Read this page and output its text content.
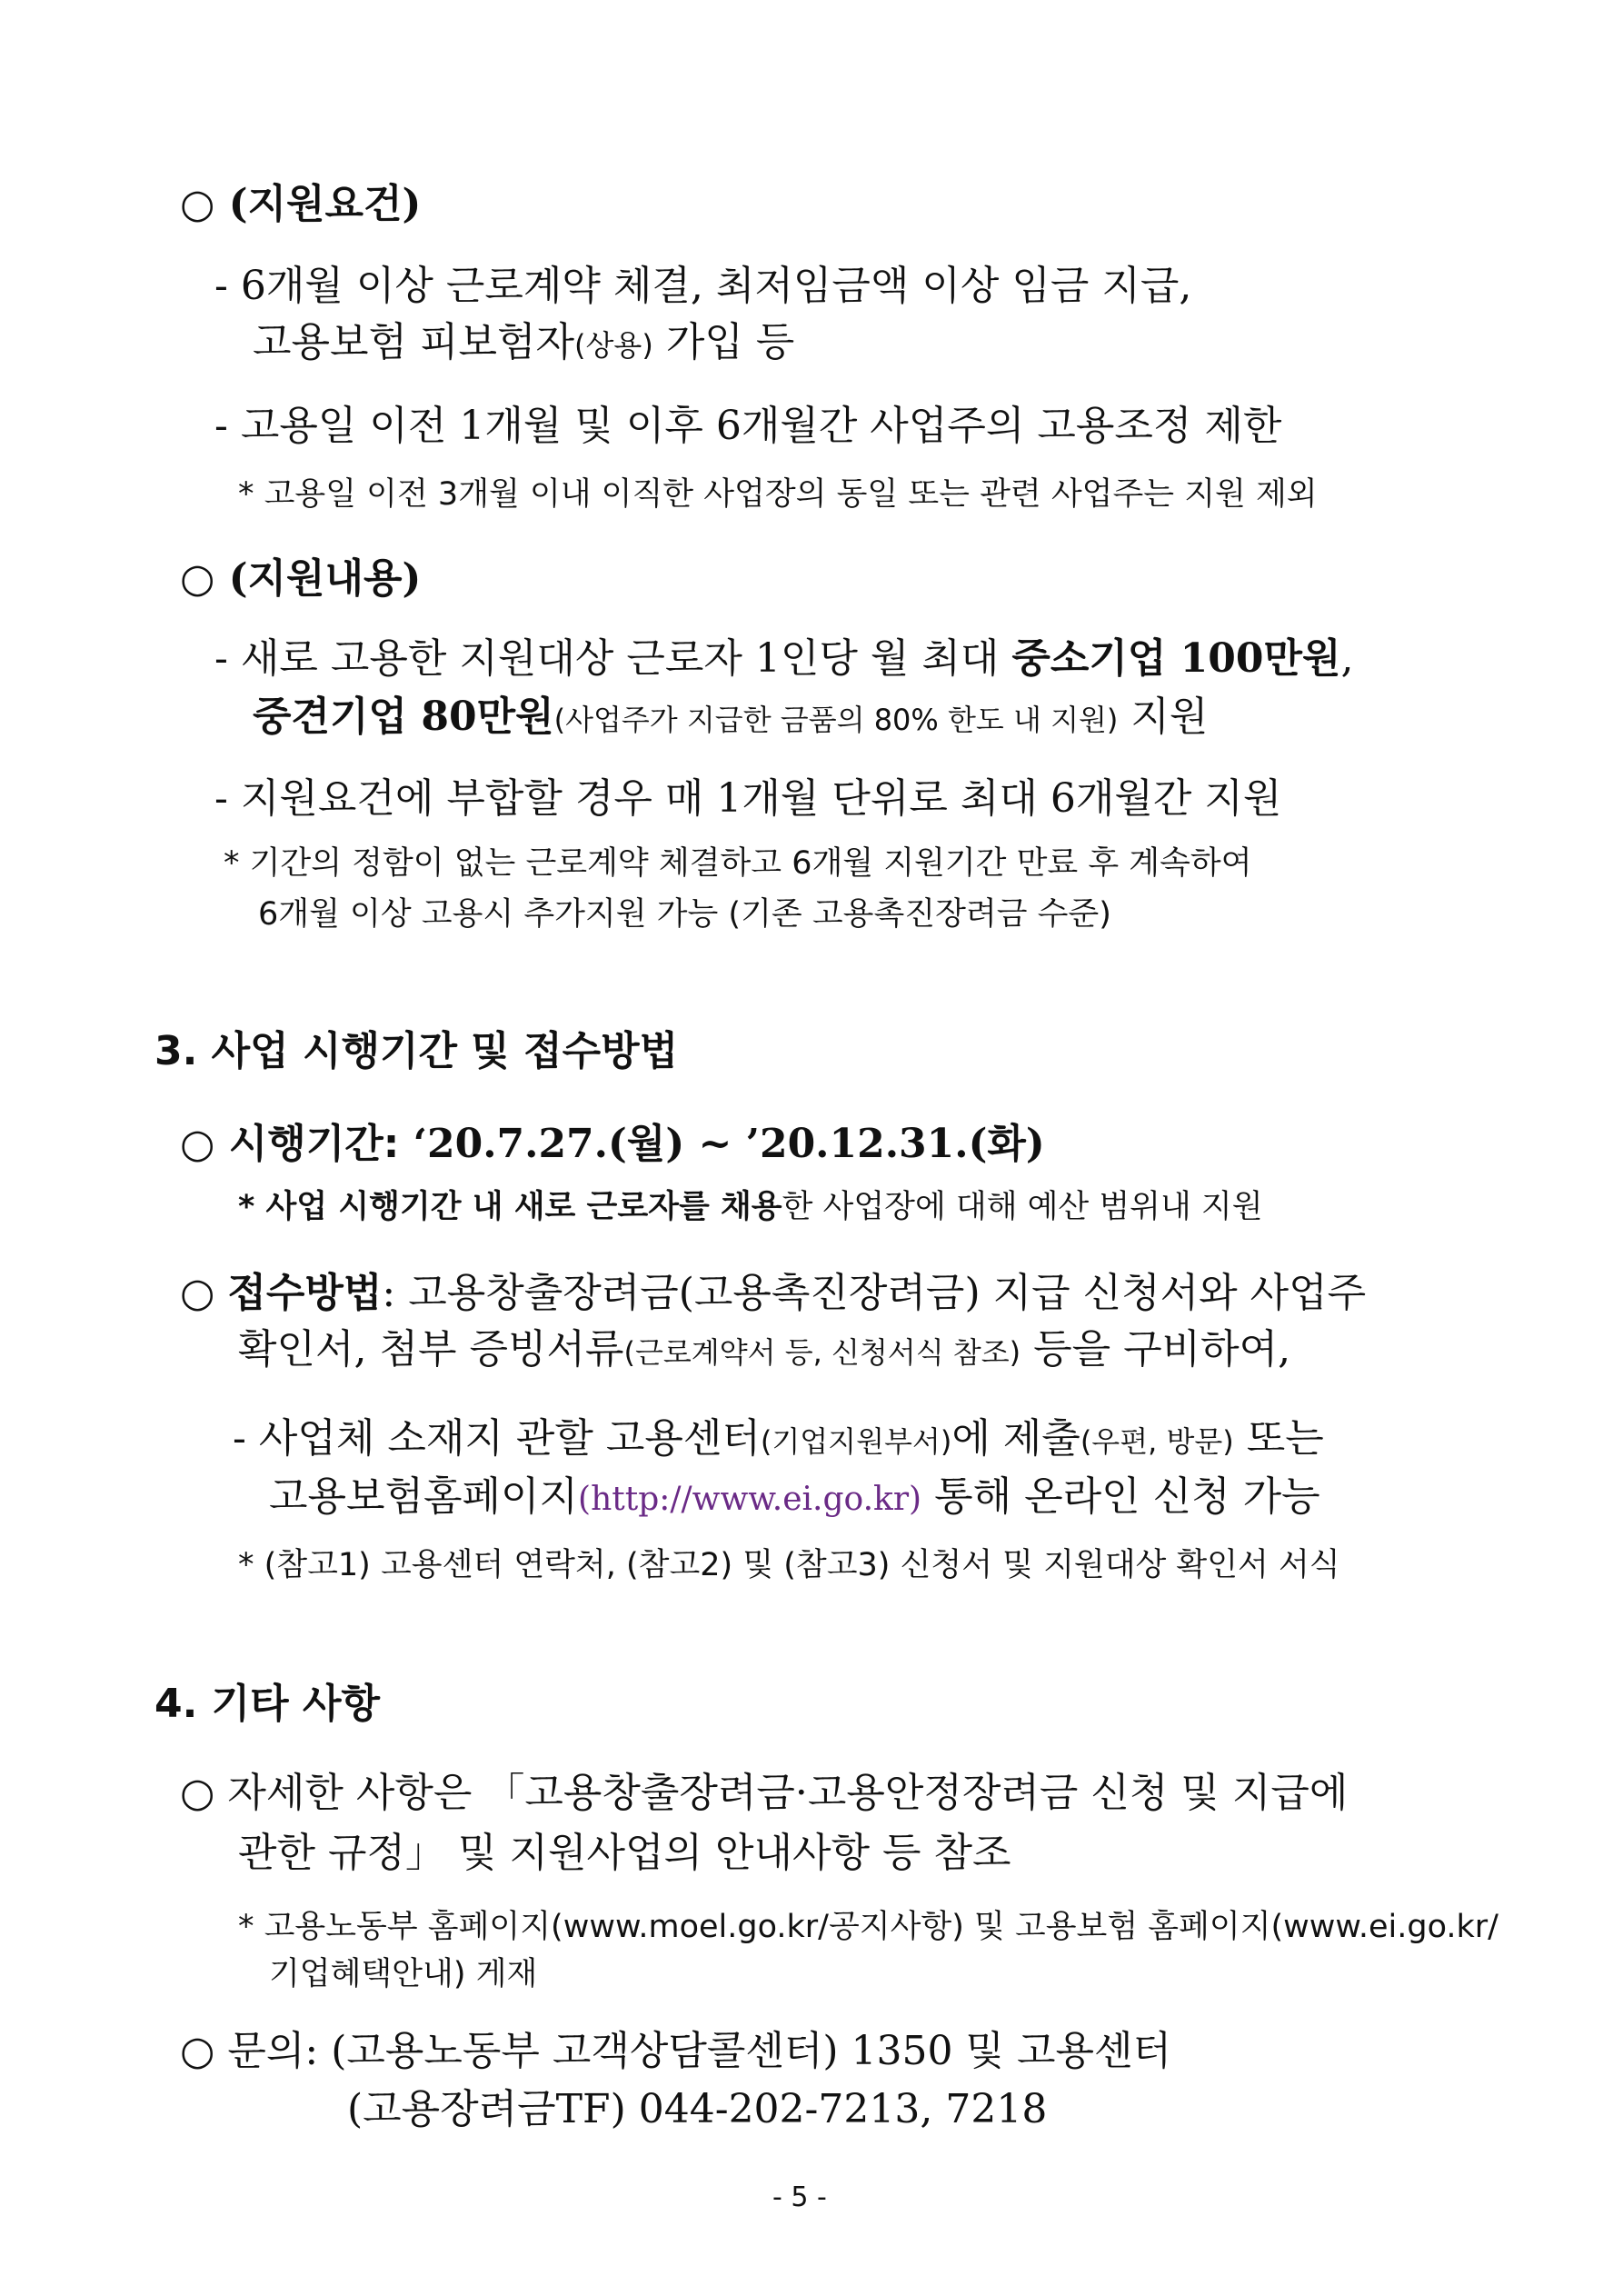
○ (지원요건)
- 6개월 이상 근로계약 체결, 최저임금액 이상 임금 지급,
고용보험 피보험자(상용) 가입 등
- 고용일 이전 1개월 및 이후 6개월간 사업주의 고용조정 제한
* 고용일 이전 3개월 이내 이직한 사업장의 동일 또는 관련 사업주는 지원 제외
○ (지원내용)
- 새로 고용한 지원대상 근로자 1인당 월 최대 중소기업 100만원,
중견기업 80만원(사업주가 지급한 금품의 80% 한도 내 지원) 지원
- 지원요건에 부합할 경우 매 1개월 단위로 최대 6개월간 지원
* 기간의 정함이 없는 근로계약 체결하고 6개월 지원기간 만료 후 계속하여
6개월 이상 고용시 추가지원 가능 (기존 고용촉진장려금 수준)
3. 사업 시행기간 및 접수방법
○ 시행기간: ‘20.7.27.(월) ~ ’20.12.31.(화)
* 사업 시행기간 내 새로 근로자를 채용한 사업장에 대해 예산 범위내 지원
○ 접수방법: 고용창출장려금(고용촉진장려금) 지급 신청서와 사업주
확인서, 첨부 증빙서류(근로계약서 등, 신청서식 참조) 등을 구비하여,
- 사업체 소재지 관할 고용센터(기업지원부서)에 제출(우편, 방문) 또는
고용보험홈페이지(http://www.ei.go.kr) 통해 온라인 신청 가능
* (참고1) 고용센터 연락처, (참고2) 및 (참고3) 신청서 및 지원대상 확인서 서식
4. 기타 사항
○ 자세한 사항은 「고용창출장려금·고용안정장려금 신청 및 지급에
관한 규정」 및 지원사업의 안내사항 등 참조
* 고용노동부 홈페이지(www.moel.go.kr/공지사항) 및 고용보험 홈페이지(www.ei.go.kr/
기업혜택안내) 게재
○ 문의: (고용노동부 고객상담콜센터) 1350 및 고용센터
(고용장려금TF) 044-202-7213, 7218
- 5 -
